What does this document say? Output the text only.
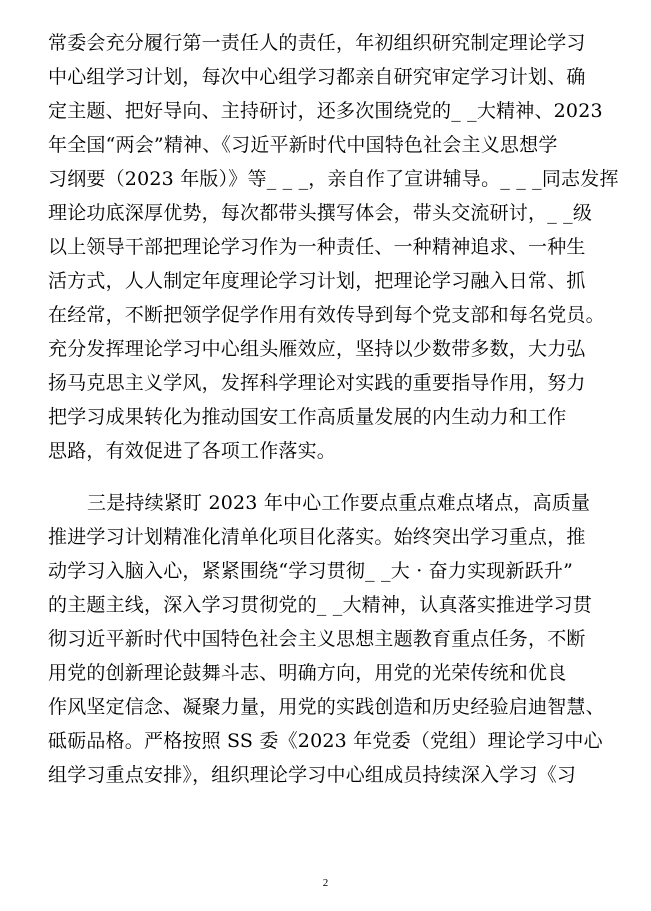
常委会充分履行第一责任人的责任，年初组织研究制定理论学习
中心组学习计划，每次中心组学习都亲自研究审定学习计划、确
定主题、把好导向、主持研讨，还多次围绕党的_ _大精神、2023
年全国“两会”精神、《习近平新时代中国特色社会主义思想学
习纲要（2023 年版）》等_ _ _，亲自作了宣讲辅导。_ _ _同志发挥
理论功底深厚优势，每次都带头撰写体会，带头交流研讨，_ _级
以上领导干部把理论学习作为一种责任、一种精神追求、一种生
活方式，人人制定年度理论学习计划，把理论学习融入日常、抓
在经常，不断把领学促学作用有效传导到每个党支部和每名党员。
充分发挥理论学习中心组头雁效应，坚持以少数带多数，大力弘
扬马克思主义学风，发挥科学理论对实践的重要指导作用，努力
把学习成果转化为推动国安工作高质量发展的内生动力和工作
思路，有效促进了各项工作落实。
三是持续紧盯 2023 年中心工作要点重点难点堵点，高质量
推进学习计划精准化清单化项目化落实。始终突出学习重点，推
动学习入脑入心，紧紧围绕“学习贯彻_ _大 · 奋力实现新跃升”
的主题主线，深入学习贯彻党的_ _大精神，认真落实推进学习贯
彻习近平新时代中国特色社会主义思想主题教育重点任务，不断
用党的创新理论鼓舞斗志、明确方向，用党的光荣传统和优良
作风坚定信念、凝聚力量，用党的实践创造和历史经验启迪智慧、
砥砺品格。严格按照 SS 委《2023 年党委（党组）理论学习中心
组学习重点安排》，组织理论学习中心组成员持续深入学习《习
2
